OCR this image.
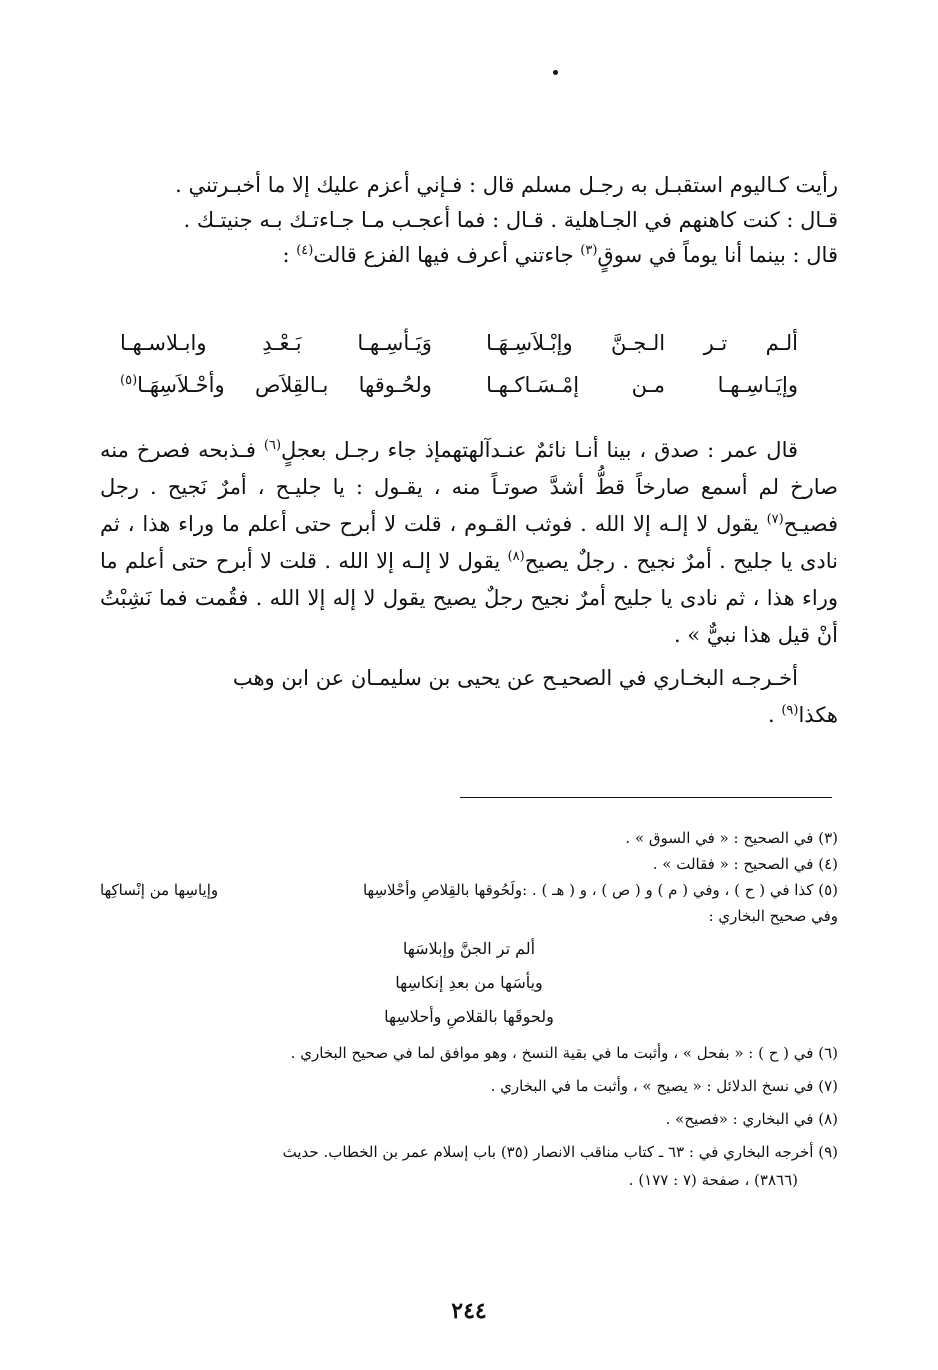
رأيت كـاليوم استقبـل به رجـل مسلم قال : فـإني أعزم عليك إلا ما أخبـرتني .

قـال : كنت كاهنهم في الجـاهلية . قـال : فما أعجـب مـا جـاءتـك بـه جنيتـك .

قال : بينما أنا يوماً في سوقٍ$^{(٣)}$ جاءتني أعرف فيها الفزع قالت$^{(٤)}$ :

ألـم تـر الـجـنَّ وإبْـلاَسِـهَـا
وَيَـأسِـهـا بَـعْـدِ وابـلاسـهـا
وإيَـاسِـهـا مـن إمْـسَـاكـهـا
ولحُـوقها بـالقِلاَص وأحْـلاَسِهَـا$^{(٥)}$

قال عمر : صدق ، بينا أنـا نائمٌ عنـدآلهتهمإذ جاء رجـل بعجلٍ$^{(٦)}$ فـذبحه فصرخ منه صارخ لم أسمع صارخاً قطُّ أشدَّ صوتـاً منه ، يقـول : يا جليـح ، أمرٌ نَجيح . رجل فصيـح$^{(٧)}$ يقول لا إلـه إلا الله . فوثب القـوم ، قلت لا أبرح حتى أعلم ما وراء هذا ، ثم نادى يا جليح . أمرٌ نجيح . رجلٌ يصيح$^{(٨)}$ يقول لا إلـه إلا الله . قلت لا أبرح حتى أعلم ما وراء هذا ، ثم نادى يا جليح أمرٌ نجيح رجلٌ يصيح يقول لا إله إلا الله . فقُمت فما نَشِبْتُ أنْ قيل هذا نبيٌّ » .

أخـرجـه البخـاري في الصحيـح عن يحيى بن سليمـان عن ابن وهب

هكذا$^{(٩)}$ .

(٣) في الصحيح : « في السوق » .

(٤) في الصحيح : « فقالت » .

(٥) كذا في ( ح ) ، وفي ( م ) و ( ص ) ، و ( هـ ) . :ولَحُوقها بالقِلاصِ وأحْلاسِها
وإياسِها من إنْساكِها

وفي صحيح البخاري :

ألم تر الجنَّ وإبلاسَها
ويأسَها من بعدِ إنكاسِها
ولحوقَها بالقلاصِ وأحلاسِها

(٦) في ( ح ) : « بفحل » ، وأثبت ما في بقية النسخ ، وهو موافق لما في صحيح البخاري .

(٧) في نسخ الدلائل : « يصيح » ، وأثبت ما في البخاري .

(٨) في البخاري : «فصيح» .

(٩) أخرجه البخاري في : ٦٣ ـ كتاب مناقب الانصار (٣٥) باب إسلام عمر بن الخطاب. حديث

(٣٨٦٦) ، صفحة (٧ : ١٧٧) .

٢٤٤
